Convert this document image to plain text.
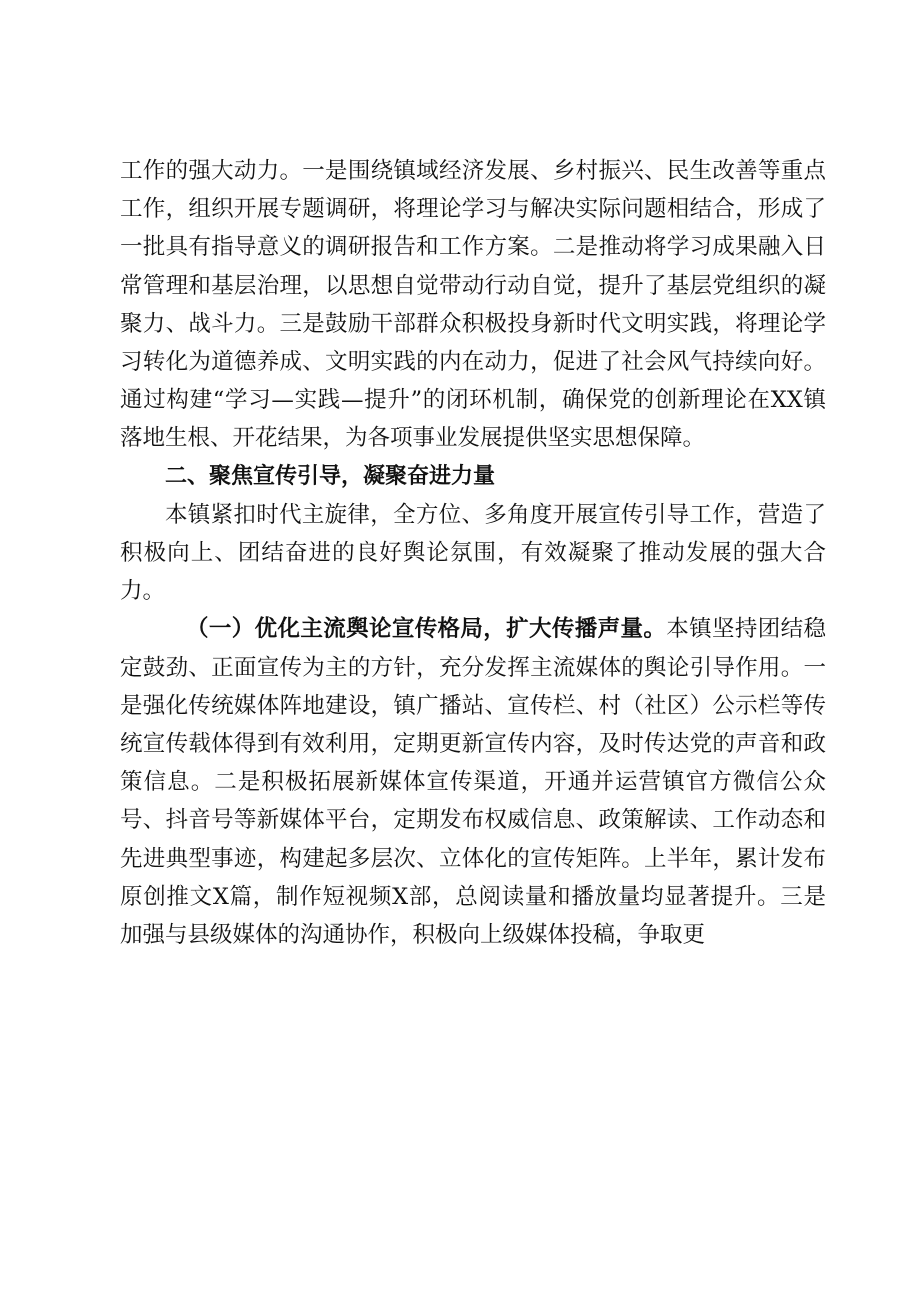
工作的强大动力。一是围绕镇域经济发展、乡村振兴、民生改善等重点工作，组织开展专题调研，将理论学习与解决实际问题相结合，形成了一批具有指导意义的调研报告和工作方案。二是推动将学习成果融入日常管理和基层治理，以思想自觉带动行动自觉，提升了基层党组织的凝聚力、战斗力。三是鼓励干部群众积极投身新时代文明实践，将理论学习转化为道德养成、文明实践的内在动力，促进了社会风气持续向好。通过构建“学习—实践—提升”的闭环机制，确保党的创新理论在XX镇落地生根、开花结果，为各项事业发展提供坚实思想保障。

二、聚焦宣传引导，凝聚奋进力量

本镇紧扣时代主旋律，全方位、多角度开展宣传引导工作，营造了积极向上、团结奋进的良好舆论氛围，有效凝聚了推动发展的强大合力。

（一）优化主流舆论宣传格局，扩大传播声量。本镇坚持团结稳定鼓劲、正面宣传为主的方针，充分发挥主流媒体的舆论引导作用。一是强化传统媒体阵地建设，镇广播站、宣传栏、村（社区）公示栏等传统宣传载体得到有效利用，定期更新宣传内容，及时传达党的声音和政策信息。二是积极拓展新媒体宣传渠道，开通并运营镇官方微信公众号、抖音号等新媒体平台，定期发布权威信息、政策解读、工作动态和先进典型事迹，构建起多层次、立体化的宣传矩阵。上半年，累计发布原创推文X篇，制作短视频X部，总阅读量和播放量均显著提升。三是加强与县级媒体的沟通协作，积极向上级媒体投稿，争取更
